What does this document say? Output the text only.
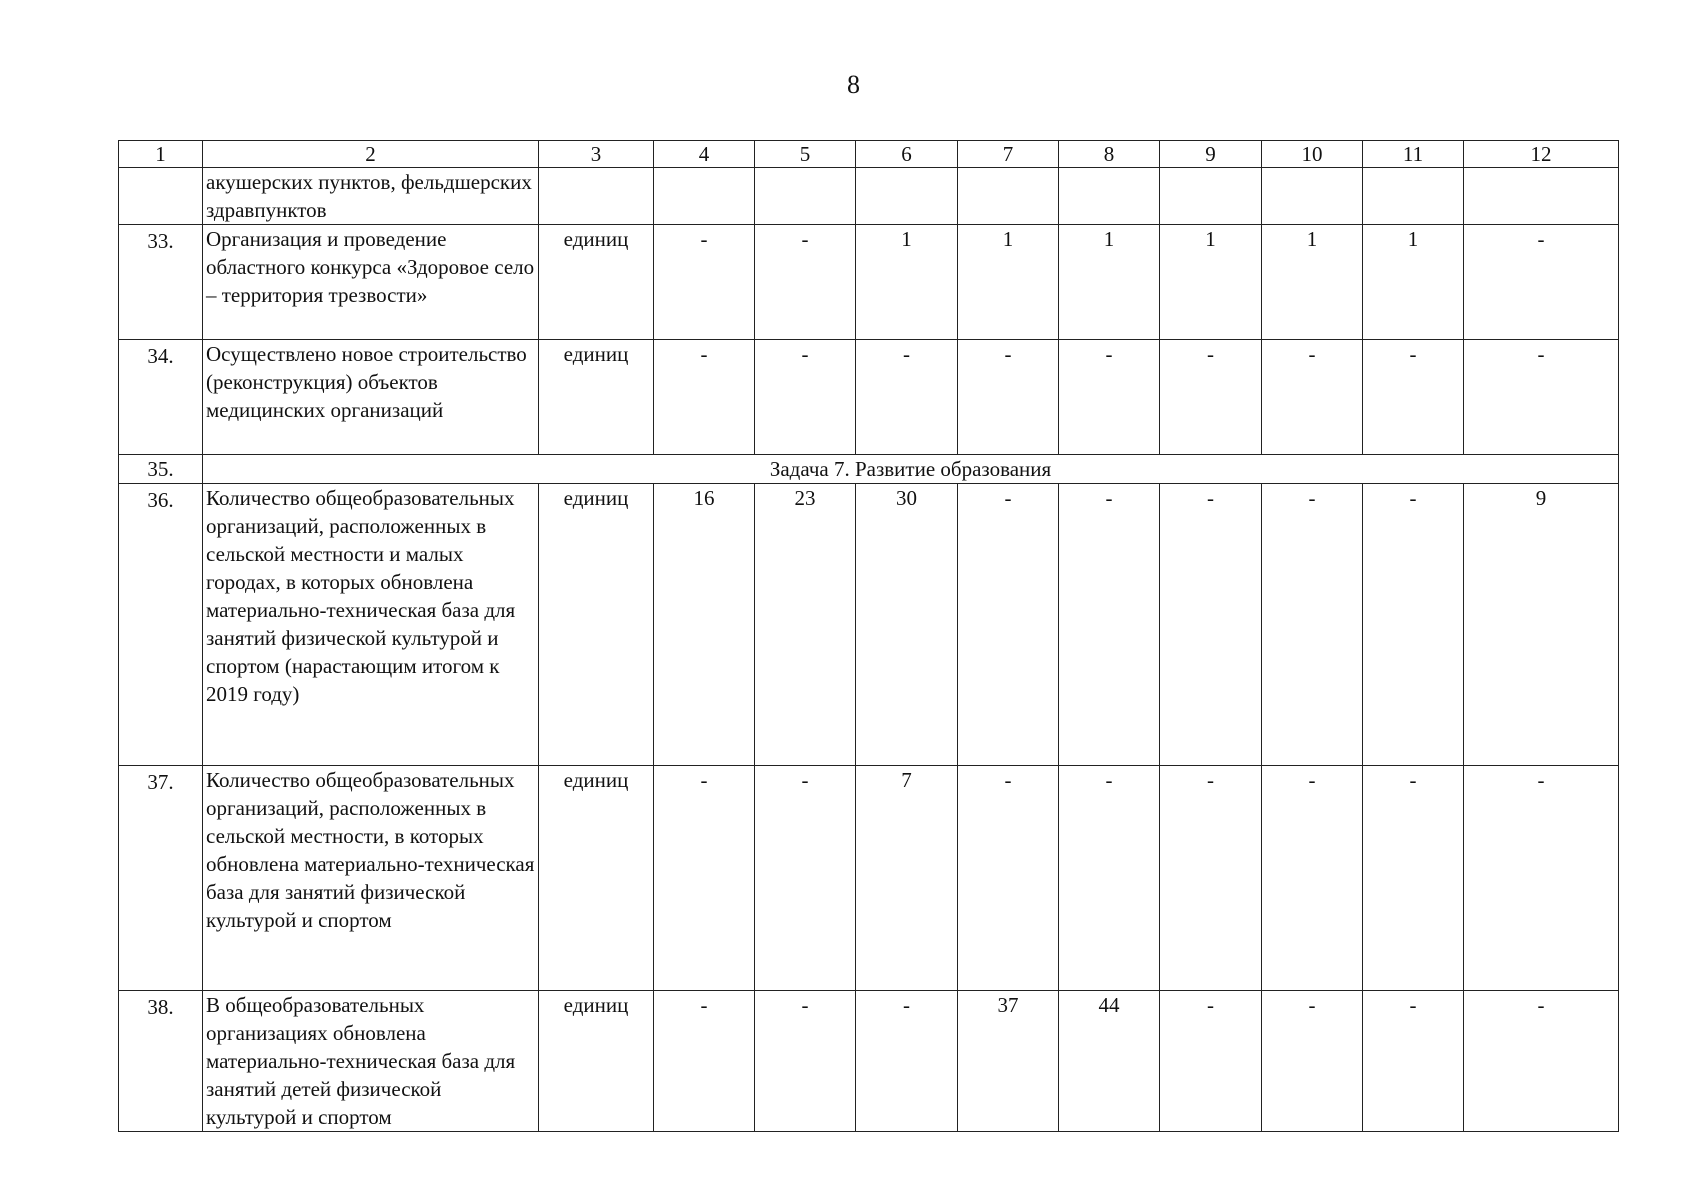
8
1	2	3	4	5	6	7	8	9	10	11	12
	акушерских пунктов, фельдшерских здравпунктов										
33.	Организация и проведение областного конкурса «Здоровое село – территория трезвости»	единиц	-	-	1	1	1	1	1	1	-
34.	Осуществлено новое строительство (реконструкция) объектов медицинских организаций	единиц	-	-	-	-	-	-	-	-	-
35.	Задача 7. Развитие образования										
36.	Количество общеобразовательных организаций, расположенных в сельской местности и малых городах, в которых обновлена материально-техническая база для занятий физической культурой и спортом (нарастающим итогом к 2019 году)	единиц	16	23	30	-	-	-	-	-	9
37.	Количество общеобразовательных организаций, расположенных в сельской местности, в которых обновлена материально-техническая база для занятий физической культурой и спортом	единиц	-	-	7	-	-	-	-	-	-
38.	В общеобразовательных организациях обновлена материально-техническая база для занятий детей физической культурой и спортом	единиц	-	-	-	37	44	-	-	-	-
